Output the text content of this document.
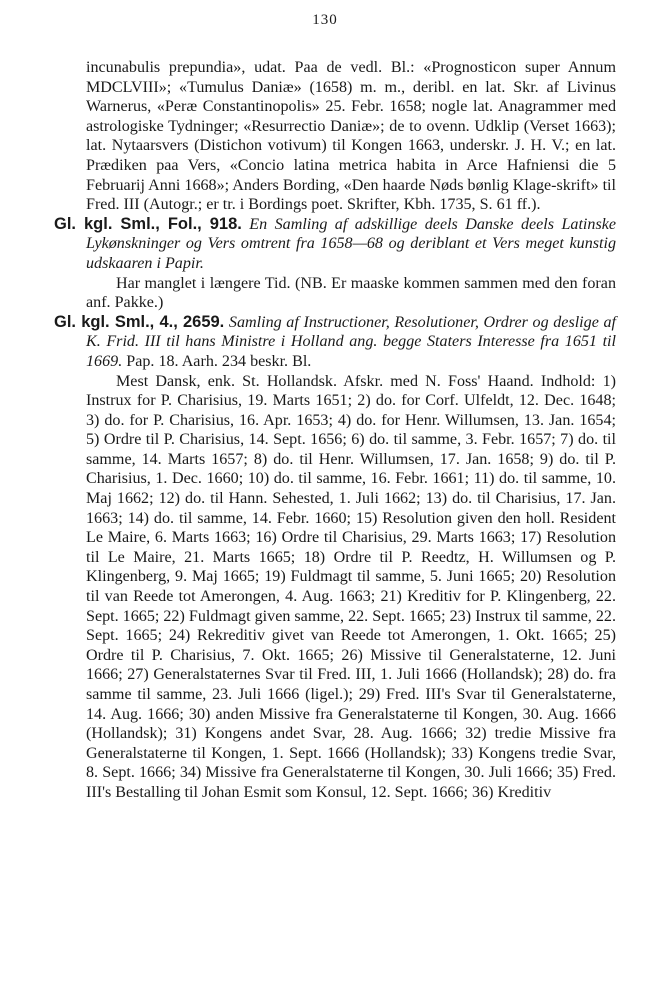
130

incunabulis prepundia», udat. Paa de vedl. Bl.: «Prognosticon super Annum MDCLVIII»; «Tumulus Daniæ» (1658) m. m., deribl. en lat. Skr. af Livinus Warnerus, «Peræ Constantinopolis» 25. Febr. 1658; nogle lat. Anagrammer med astrologiske Tydninger; «Resurrectio Daniæ»; de to ovenn. Udklip (Verset 1663); lat. Nytaarsvers (Distichon votivum) til Kongen 1663, underskr. J. H. V.; en lat. Prædiken paa Vers, «Concio latina metrica habita in Arce Hafniensi die 5 Februarij Anni 1668»; Anders Bording, «Den haarde Nøds bønlig Klage-skrift» til Fred. III (Autogr.; er tr. i Bordings poet. Skrifter, Kbh. 1735, S. 61 ff.).

Gl. kgl. Sml., Fol., 918. En Samling af adskillige deels Danske deels Latinske Lykønskninger og Vers omtrent fra 1658—68 og deriblant et Vers meget kunstig udskaaren i Papir.

Har manglet i længere Tid. (NB. Er maaske kommen sammen med den foran anf. Pakke.)

Gl. kgl. Sml., 4., 2659. Samling af Instructioner, Resolutioner, Ordrer og deslige af K. Frid. III til hans Ministre i Holland ang. begge Staters Interesse fra 1651 til 1669. Pap. 18. Aarh. 234 beskr. Bl.

Mest Dansk, enk. St. Hollandsk. Afskr. med N. Foss' Haand. Indhold: 1) Instrux for P. Charisius, 19. Marts 1651; 2) do. for Corf. Ulfeldt, 12. Dec. 1648; 3) do. for P. Charisius, 16. Apr. 1653; 4) do. for Henr. Willumsen, 13. Jan. 1654; 5) Ordre til P. Charisius, 14. Sept. 1656; 6) do. til samme, 3. Febr. 1657; 7) do. til samme, 14. Marts 1657; 8) do. til Henr. Willumsen, 17. Jan. 1658; 9) do. til P. Charisius, 1. Dec. 1660; 10) do. til samme, 16. Febr. 1661; 11) do. til samme, 10. Maj 1662; 12) do. til Hann. Sehested, 1. Juli 1662; 13) do. til Charisius, 17. Jan. 1663; 14) do. til samme, 14. Febr. 1660; 15) Resolution given den holl. Resident Le Maire, 6. Marts 1663; 16) Ordre til Charisius, 29. Marts 1663; 17) Resolution til Le Maire, 21. Marts 1665; 18) Ordre til P. Reedtz, H. Willumsen og P. Klingenberg, 9. Maj 1665; 19) Fuldmagt til samme, 5. Juni 1665; 20) Resolution til van Reede tot Amerongen, 4. Aug. 1663; 21) Kreditiv for P. Klingenberg, 22. Sept. 1665; 22) Fuldmagt given samme, 22. Sept. 1665; 23) Instrux til samme, 22. Sept. 1665; 24) Rekreditiv givet van Reede tot Amerongen, 1. Okt. 1665; 25) Ordre til P. Charisius, 7. Okt. 1665; 26) Missive til Generalstaterne, 12. Juni 1666; 27) Generalstaternes Svar til Fred. III, 1. Juli 1666 (Hollandsk); 28) do. fra samme til samme, 23. Juli 1666 (ligel.); 29) Fred. III's Svar til Generalstaterne, 14. Aug. 1666; 30) anden Missive fra Generalstaterne til Kongen, 30. Aug. 1666 (Hollandsk); 31) Kongens andet Svar, 28. Aug. 1666; 32) tredie Missive fra Generalstaterne til Kongen, 1. Sept. 1666 (Hollandsk); 33) Kongens tredie Svar, 8. Sept. 1666; 34) Missive fra Generalstaterne til Kongen, 30. Juli 1666; 35) Fred. III's Bestalling til Johan Esmit som Konsul, 12. Sept. 1666; 36) Kreditiv
